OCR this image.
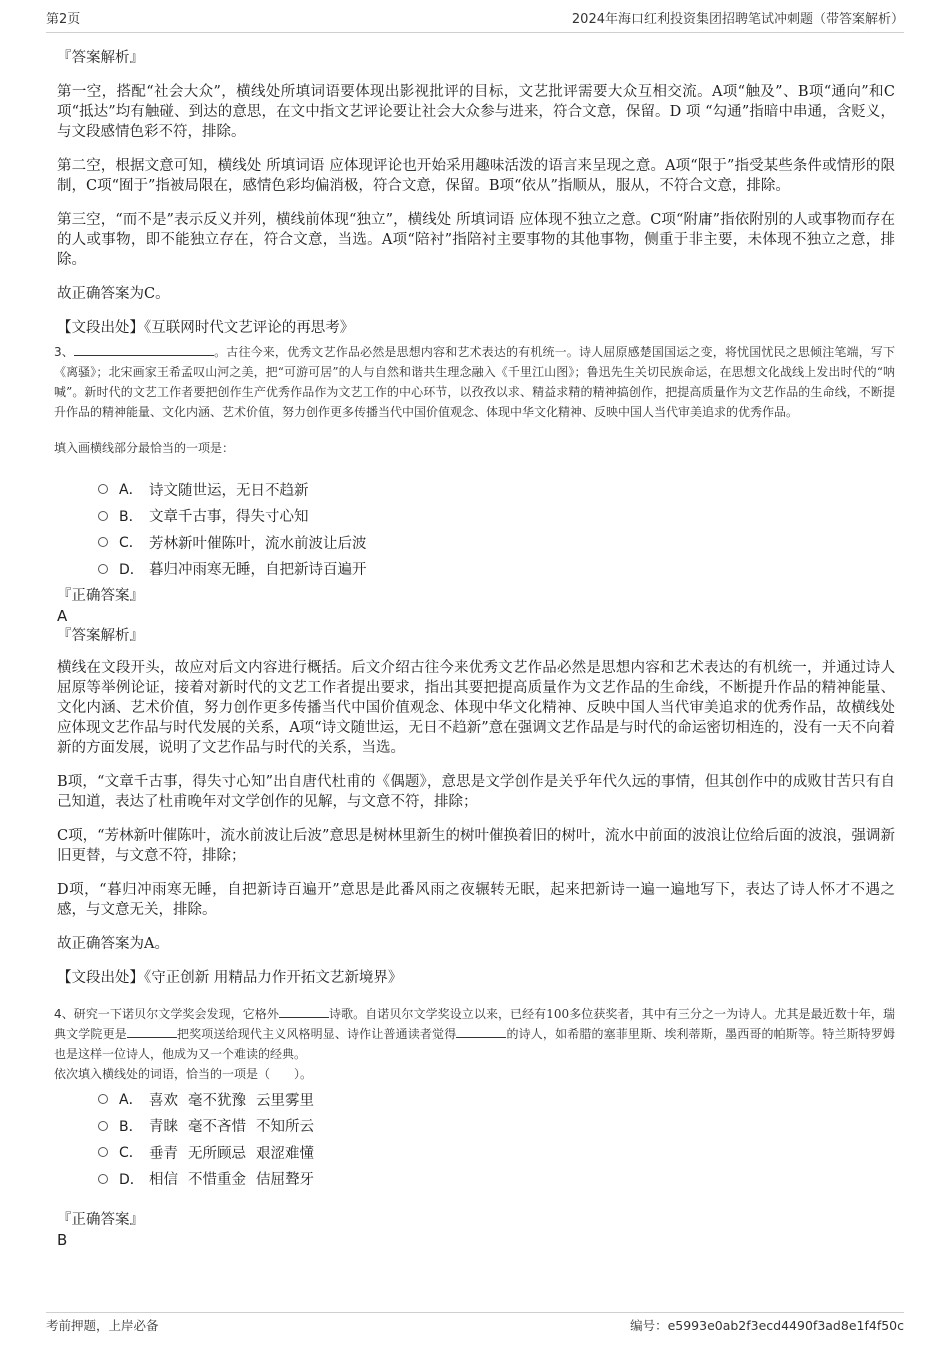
第2页	2024年海口红利投资集团招聘笔试冲刺题（带答案解析）

『答案解析』

第一空，搭配“社会大众”，横线处所填词语要体现出影视批评的目标，文艺批评需要大众互相交流。A项“触及”、B项“通向”和C项“抵达”均有触碰、到达的意思，在文中指文艺评论要让社会大众参与进来，符合文意，保留。D 项 “勾通”指暗中串通，含贬义，与文段感情色彩不符，排除。

第二空，根据文意可知，横线处 所填词语 应体现评论也开始采用趣味活泼的语言来呈现之意。A项“限于”指受某些条件或情形的限制，C项“囿于”指被局限在，感情色彩均偏消极，符合文意，保留。B项“依从”指顺从，服从，不符合文意，排除。

第三空，“而不是”表示反义并列，横线前体现“独立”，横线处 所填词语 应体现不独立之意。C项“附庸”指依附别的人或事物而存在的人或事物，即不能独立存在，符合文意，当选。A项“陪衬”指陪衬主要事物的其他事物，侧重于非主要，未体现不独立之意，排除。

故正确答案为C。

【文段出处】《互联网时代文艺评论的再思考》

3、	。古往今来，优秀文艺作品必然是思想内容和艺术表达的有机统一。诗人屈原感楚国国运之变，将忧国忧民之思倾注笔端，写下《离骚》；北宋画家王希孟叹山河之美，把“可游可居”的人与自然和谐共生理念融入《千里江山图》；鲁迅先生关切民族命运，在思想文化战线上发出时代的“呐喊”。新时代的文艺工作者要把创作生产优秀作品作为文艺工作的中心环节，以孜孜以求、精益求精的精神搞创作，把提高质量作为文艺作品的生命线，不断提升作品的精神能量、文化内涵、艺术价值，努力创作更多传播当代中国价值观念、体现中华文化精神、反映中国人当代审美追求的优秀作品。

填入画横线部分最恰当的一项是：

A． 诗文随世运，无日不趋新
B． 文章千古事，得失寸心知
C． 芳林新叶催陈叶，流水前波让后波
D． 暮归冲雨寒无睡，自把新诗百遍开

『正确答案』

A

『答案解析』

横线在文段开头，故应对后文内容进行概括。后文介绍古往今来优秀文艺作品必然是思想内容和艺术表达的有机统一，并通过诗人屈原等举例论证，接着对新时代的文艺工作者提出要求，指出其要把提高质量作为文艺作品的生命线，不断提升作品的精神能量、文化内涵、艺术价值，努力创作更多传播当代中国价值观念、体现中华文化精神、反映中国人当代审美追求的优秀作品，故横线处应体现文艺作品与时代发展的关系，A项“诗文随世运，无日不趋新”意在强调文艺作品是与时代的命运密切相连的，没有一天不向着新的方面发展，说明了文艺作品与时代的关系，当选。

B项，“文章千古事，得失寸心知”出自唐代杜甫的《偶题》，意思是文学创作是关乎年代久远的事情，但其创作中的成败甘苦只有自己知道，表达了杜甫晚年对文学创作的见解，与文意不符，排除；

C项，“芳林新叶催陈叶，流水前波让后波”意思是树林里新生的树叶催换着旧的树叶，流水中前面的波浪让位给后面的波浪，强调新旧更替，与文意不符，排除；

D项，“暮归冲雨寒无睡，自把新诗百遍开”意思是此番风雨之夜辗转无眠，起来把新诗一遍一遍地写下，表达了诗人怀才不遇之感，与文意无关，排除。

故正确答案为A。

【文段出处】《守正创新 用精品力作开拓文艺新境界》

4、研究一下诺贝尔文学奖会发现，它格外	诗歌。自诺贝尔文学奖设立以来，已经有100多位获奖者，其中有三分之一为诗人。尤其是最近数十年，瑞典文学院更是	把奖项送给现代主义风格明显、诗作让普通读者觉得	的诗人，如希腊的塞菲里斯、埃利蒂斯，墨西哥的帕斯等。特兰斯特罗姆也是这样一位诗人，他成为又一个难读的经典。

依次填入横线处的词语，恰当的一项是（　　）。

A． 喜欢 毫不犹豫 云里雾里
B． 青睐 毫不吝惜 不知所云
C． 垂青 无所顾忌 艰涩难懂
D． 相信 不惜重金 佶屈聱牙

『正确答案』

B

考前押题，上岸必备	编号：e5993e0ab2f3ecd4490f3ad8e1f4f50c
